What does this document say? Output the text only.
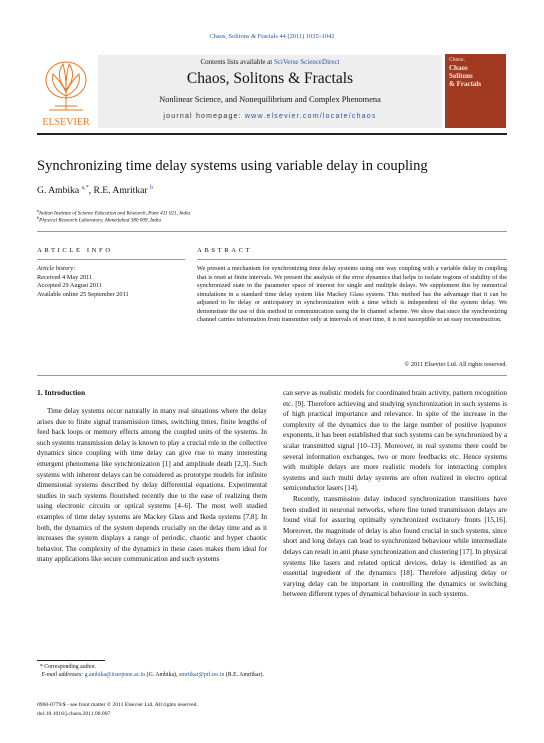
Chaos, Solitons & Fractals 44 (2011) 1035–1042
ELSEVIER
Contents lists available at SciVerse ScienceDirect
Chaos, Solitons & Fractals
Nonlinear Science, and Nonequilibrium and Complex Phenomena
journal homepage: www.elsevier.com/locate/chaos
Chaos,
Chaos
Solitons
& Fractals
Synchronizing time delay systems using variable delay in coupling
G. Ambika $^{a,*}$, R.E. Amritkar $^b$
$^a$Indian Institute of Science Education and Research, Pune 411 021, India
$^b$Physical Research Laboratory, Ahmedabad 380 009, India
ARTICLE INFO	ABSTRACT
Article history:
Received 4 May 2011
Accepted 29 August 2011
Available online 25 September 2011
We present a mechanism for synchronizing time delay systems using one way coupling with a variable delay in coupling that is reset at finite intervals. We present the analysis of the error dynamics that helps to isolate regions of stability of the synchronized state in the parameter space of interest for single and multiple delays. We supplement this by numerical simulations in a standard time delay system like Mackey Glass system. This method has the advantage that it can be adjusted to be delay or anticipatory in synchronization with a time which is independent of the system delay. We demonstrate the use of this method in communication using the bi channel scheme. We show that since the synchronizing channel carries information from transmitter only at intervals of reset time, it is not susceptible to an easy reconstruction.
© 2011 Elsevier Ltd. All rights reserved.
1. Introduction
Time delay systems occur naturally in many real situations where the delay arises due to finite signal transmission times, switching times, finite lengths of feed back loops or memory effects among the coupled units of the systems. In such systems transmission delay is known to play a crucial role in the collective dynamics since coupling with time delay can give rise to many interesting emergent phenomena like synchronization [1] and amplitude death [2,3]. Such systems with inherent delays can be considered as prototype models for infinite dimensional systems described by delay differential equations. Experimental studies in such systems flourished recently due to the ease of realizing them using electronic circuits or optical systems [4–6]. The most well studied examples of time delay systems are Mackey Glass and Ikeda systems [7,8]. In both, the dynamics of the system depends crucially on the delay time and as it increases the system displays a range of periodic, chaotic and hyper chaotic behavior. The complexity of the dynamics in these cases makes them ideal for many applications like secure communication and such systems

can serve as realistic models for coordinated brain activity, pattern recognition etc. [9]. Therefore achieving and studying synchronization in such systems is of high practical importance and relevance. In spite of the increase in the complexity of the dynamics due to the large number of positive lyapunov exponents, it has been established that such systems can be synchronized by a scalar transmitted signal [10–13]. Moreover, in real systems there could be several information exchanges, two or more feedbacks etc. Hence systems with multiple delays are more realistic models for interacting complex systems and such multi delay systems are often realized in electro optical semiconductor lasers [14].

Recently, transmission delay induced synchronization transitions have been studied in neuronal networks, where fine tuned transmission delays are found vital for assuring optimally synchronized excitatory fronts [15,16]. Moreover, the magnitude of delay is also found crucial in such systems, since short and long delays can lead to synchronized behaviour while intermediate delays can result in anti phase synchronization and clustering [17]. In physical systems like lasers and related optical devices, delay is identified as an essential ingredient of the dynamics [18]. Therefore adjusting delay or varying delay can be important in controlling the dynamics or switching between different types of dynamical behaviour in such systems.

* Corresponding author.
E-mail addresses: g.ambika@iiserpune.ac.in (G. Ambika), amritkar@prl.res.in (R.E. Amritkar).
0960-0779/$ - see front matter © 2011 Elsevier Ltd. All rights reserved.
doi:10.1016/j.chaos.2011.08.007
